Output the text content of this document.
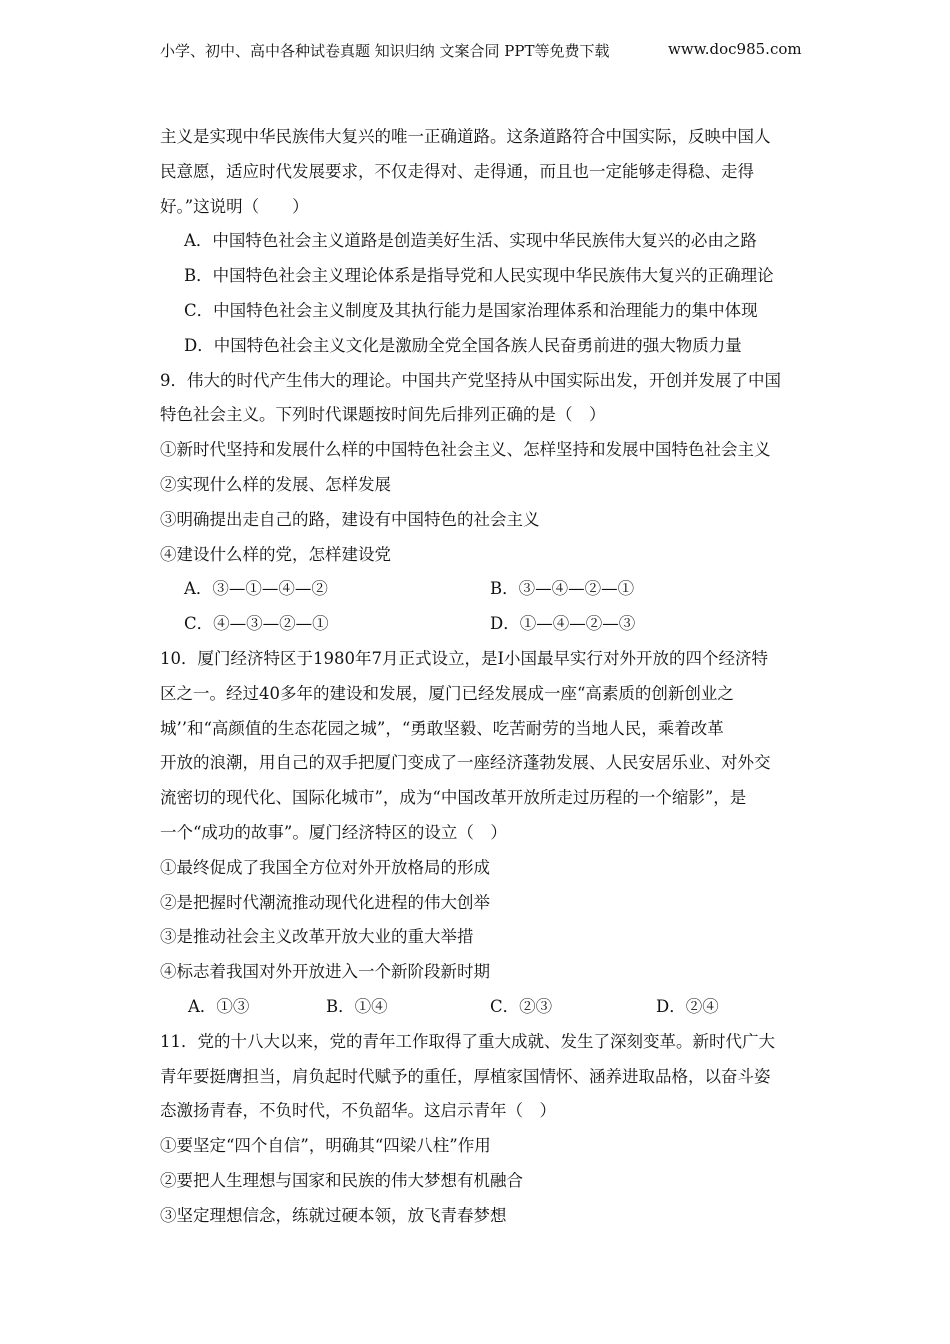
小学、初中、高中各种试卷真题 知识归纳 文案合同 PPT等免费下载	www.doc985.com
主义是实现中华民族伟大复兴的唯一正确道路。这条道路符合中国实际，反映中国人
民意愿，适应时代发展要求，不仅走得对、走得通，而且也一定能够走得稳、走得
好。”这说明（　　）
A．中国特色社会主义道路是创造美好生活、实现中华民族伟大复兴的必由之路
B．中国特色社会主义理论体系是指导党和人民实现中华民族伟大复兴的正确理论
C．中国特色社会主义制度及其执行能力是国家治理体系和治理能力的集中体现
D．中国特色社会主义文化是激励全党全国各族人民奋勇前进的强大物质力量
9．伟大的时代产生伟大的理论。中国共产党坚持从中国实际出发，开创并发展了中国
特色社会主义。下列时代课题按时间先后排列正确的是（　）
①新时代坚持和发展什么样的中国特色社会主义、怎样坚持和发展中国特色社会主义
②实现什么样的发展、怎样发展
③明确提出走自己的路，建设有中国特色的社会主义
④建设什么样的党，怎样建设党
A．③—①—④—②	B．③—④—②—①
C．④—③—②—①	D．①—④—②—③
10．厦门经济特区于1980年7月正式设立，是I小国最早实行对外开放的四个经济特
区之一。经过40多年的建设和发展，厦门已经发展成一座“高素质的创新创业之
城’’和“高颜值的生态花园之城”，“勇敢坚毅、吃苦耐劳的当地人民，乘着改革
开放的浪潮，用自己的双手把厦门变成了一座经济蓬勃发展、人民安居乐业、对外交
流密切的现代化、国际化城市”，成为“中国改革开放所走过历程的一个缩影”，是
一个“成功的故事”。厦门经济特区的设立（　）
①最终促成了我国全方位对外开放格局的形成
②是把握时代潮流推动现代化进程的伟大创举
③是推动社会主义改革开放大业的重大举措
④标志着我国对外开放进入一个新阶段新时期
A．①③	B．①④	C．②③	D．②④
11．党的十八大以来，党的青年工作取得了重大成就、发生了深刻变革。新时代广大
青年要挺膺担当，肩负起时代赋予的重任，厚植家国情怀、涵养进取品格，以奋斗姿
态激扬青春，不负时代，不负韶华。这启示青年（　）
①要坚定“四个自信”，明确其“四梁八柱”作用
②要把人生理想与国家和民族的伟大梦想有机融合
③坚定理想信念，练就过硬本领，放飞青春梦想
